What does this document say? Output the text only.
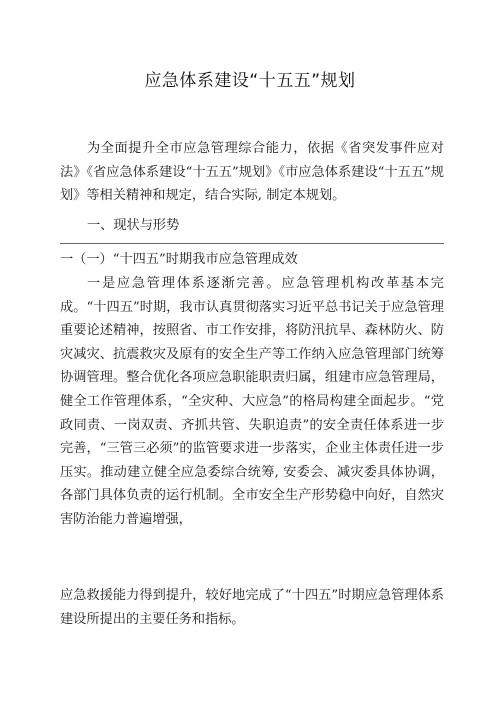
应急体系建设“十五五”规划

为全面提升全市应急管理综合能力，依据《省突发事件应对法》《省应急体系建设“十五五”规划》《市应急体系建设“十五五”规划》等相关精神和规定，结合实际, 制定本规划。

一、现状与形势

一（一）“十四五”时期我市应急管理成效

一是应急管理体系逐渐完善。应急管理机构改革基本完成。“十四五”时期，我市认真贯彻落实习近平总书记关于应急管理重要论述精神，按照省、市工作安排，将防汛抗旱、森林防火、防灾减灾、抗震救灾及原有的安全生产等工作纳入应急管理部门统筹协调管理。整合优化各项应急职能职责归属，组建市应急管理局，健全工作管理体系，“全灾种、大应急”的格局构建全面起步。“党政同责、一岗双责、齐抓共管、失职追责”的安全责任体系进一步完善，“三管三必须”的监管要求进一步落实，企业主体责任进一步压实。推动建立健全应急委综合统筹, 安委会、减灾委具体协调，各部门具体负责的运行机制。全市安全生产形势稳中向好，自然灾害防治能力普遍增强，

应急救援能力得到提升，较好地完成了“十四五”时期应急管理体系建设所提出的主要任务和指标。
